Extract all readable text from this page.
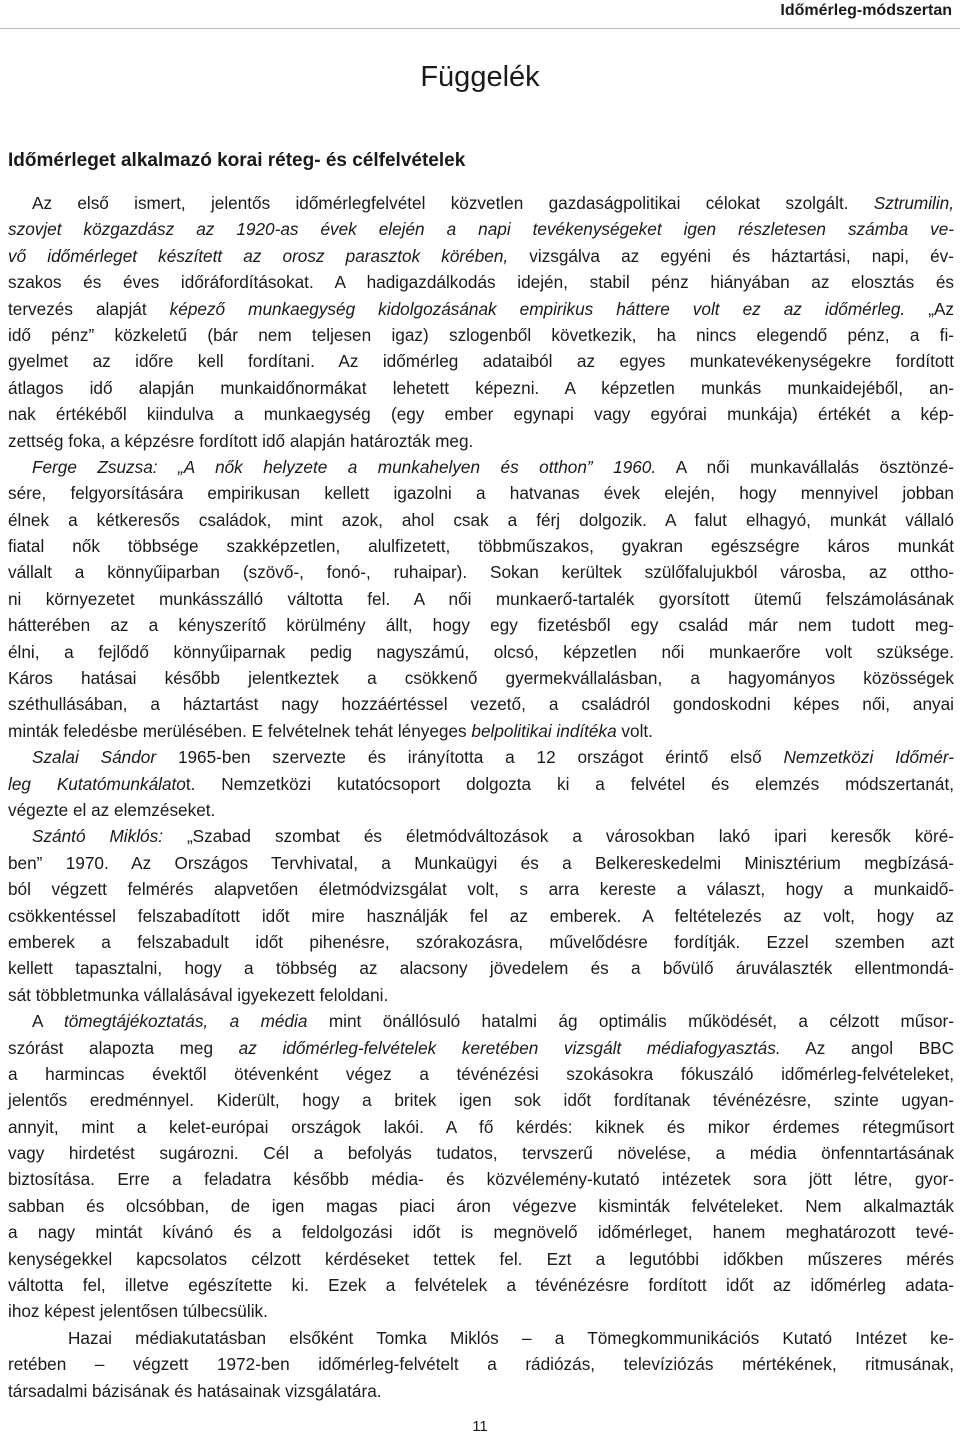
Időmérleg-módszertan
Függelék
Időmérleget alkalmazó korai réteg- és célfelvételek
Az első ismert, jelentős időmérlegfelvétel közvetlen gazdaságpolitikai célokat szolgált. Sztrumilin,
szovjet közgazdász az 1920-as évek elején a napi tevékenységeket igen részletesen számba ve-
vő időmérleget készített az orosz parasztok körében, vizsgálva az egyéni és háztartási, napi, év-
szakos és éves időráfordításokat. A hadigazdálkodás idején, stabil pénz hiányában az elosztás és
tervezés alapját képező munkaegység kidolgozásának empirikus háttere volt ez az időmérleg. „Az
idő pénz” közkeletű (bár nem teljesen igaz) szlogenből következik, ha nincs elegendő pénz, a fi-
gyelmet az időre kell fordítani. Az időmérleg adataiból az egyes munkatevékenységekre fordított
átlagos idő alapján munkaidőnormákat lehetett képezni. A képzetlen munkás munkaidejéből, an-
nak értékéből kiindulva a munkaegység (egy ember egynapi vagy egyórai munkája) értékét a kép-
zettség foka, a képzésre fordított idő alapján határozták meg.
Ferge Zsuzsa: „A nők helyzete a munkahelyen és otthon” 1960. A női munkavállalás ösztönzé-
sére, felgyorsítására empirikusan kellett igazolni a hatvanas évek elején, hogy mennyivel jobban
élnek a kétkeresős családok, mint azok, ahol csak a férj dolgozik. A falut elhagyó, munkát vállaló
fiatal nők többsége szakképzetlen, alulfizetett, többműszakos, gyakran egészségre káros munkát
vállalt a könnyűiparban (szövő-, fonó-, ruhaipar). Sokan kerültek szülőfalujukból városba, az ottho-
ni környezetet munkásszálló váltotta fel. A női munkaerő-tartalék gyorsított ütemű felszámolásának
hátterében az a kényszerítő körülmény állt, hogy egy fizetésből egy család már nem tudott meg-
élni, a fejlődő könnyűiparnak pedig nagyszámú, olcsó, képzetlen női munkaerőre volt szüksége.
Káros hatásai később jelentkeztek a csökkenő gyermekvállalásban, a hagyományos közösségek
széthullásában, a háztartást nagy hozzáértéssel vezető, a családról gondoskodni képes női, anyai
minták feledésbe merülésében. E felvételnek tehát lényeges belpolitikai indítéka volt.
Szalai Sándor 1965-ben szervezte és irányította a 12 országot érintő első Nemzetközi Időmér-
leg Kutatómunkálatot. Nemzetközi kutatócsoport dolgozta ki a felvétel és elemzés módszertanát,
végezte el az elemzéseket.
Szántó Miklós: „Szabad szombat és életmódváltozások a városokban lakó ipari keresők köré-
ben” 1970. Az Országos Tervhivatal, a Munkaügyi és a Belkereskedelmi Minisztérium megbízásá-
ból végzett felmérés alapvetően életmódvizsgálat volt, s arra kereste a választ, hogy a munkaidő-
csökkentéssel felszabadított időt mire használják fel az emberek. A feltételezés az volt, hogy az
emberek a felszabadult időt pihenésre, szórakozásra, művelődésre fordítják. Ezzel szemben azt
kellett tapasztalni, hogy a többség az alacsony jövedelem és a bővülő áruválaszték ellentmondá-
sát többletmunka vállalásával igyekezett feloldani.
A tömegtájékoztatás, a média mint önállósuló hatalmi ág optimális működését, a célzott műsor-
szórást alapozta meg az időmérleg-felvételek keretében vizsgált médiafogyasztás. Az angol BBC
a harmincas évektől ötévenként végez a tévénézési szokásokra fókuszáló időmérleg-felvételeket,
jelentős eredménnyel. Kiderült, hogy a britek igen sok időt fordítanak tévénézésre, szinte ugyan-
annyit, mint a kelet-európai országok lakói. A fő kérdés: kiknek és mikor érdemes rétegműsort
vagy hirdetést sugározni. Cél a befolyás tudatos, tervszerű növelése, a média önfenntartásának
biztosítása. Erre a feladatra később média- és közvélemény-kutató intézetek sora jött létre, gyor-
sabban és olcsóbban, de igen magas piaci áron végezve kisminták felvételeket. Nem alkalmazták
a nagy mintát kívánó és a feldolgozási időt is megnövelő időmérleget, hanem meghatározott tevé-
kenységekkel kapcsolatos célzott kérdéseket tettek fel. Ezt a legutóbbi időkben műszeres mérés
váltotta fel, illetve egészítette ki. Ezek a felvételek a tévénézésre fordított időt az időmérleg adata-
ihoz képest jelentősen túlbecsülik.
Hazai médiakutatásban elsőként Tomka Miklós – a Tömegkommunikációs Kutató Intézet ke-
retében – végzett 1972-ben időmérleg-felvételt a rádiózás, televíziózás mértékének, ritmusának,
társadalmi bázisának és hatásainak vizsgálatára.
11
